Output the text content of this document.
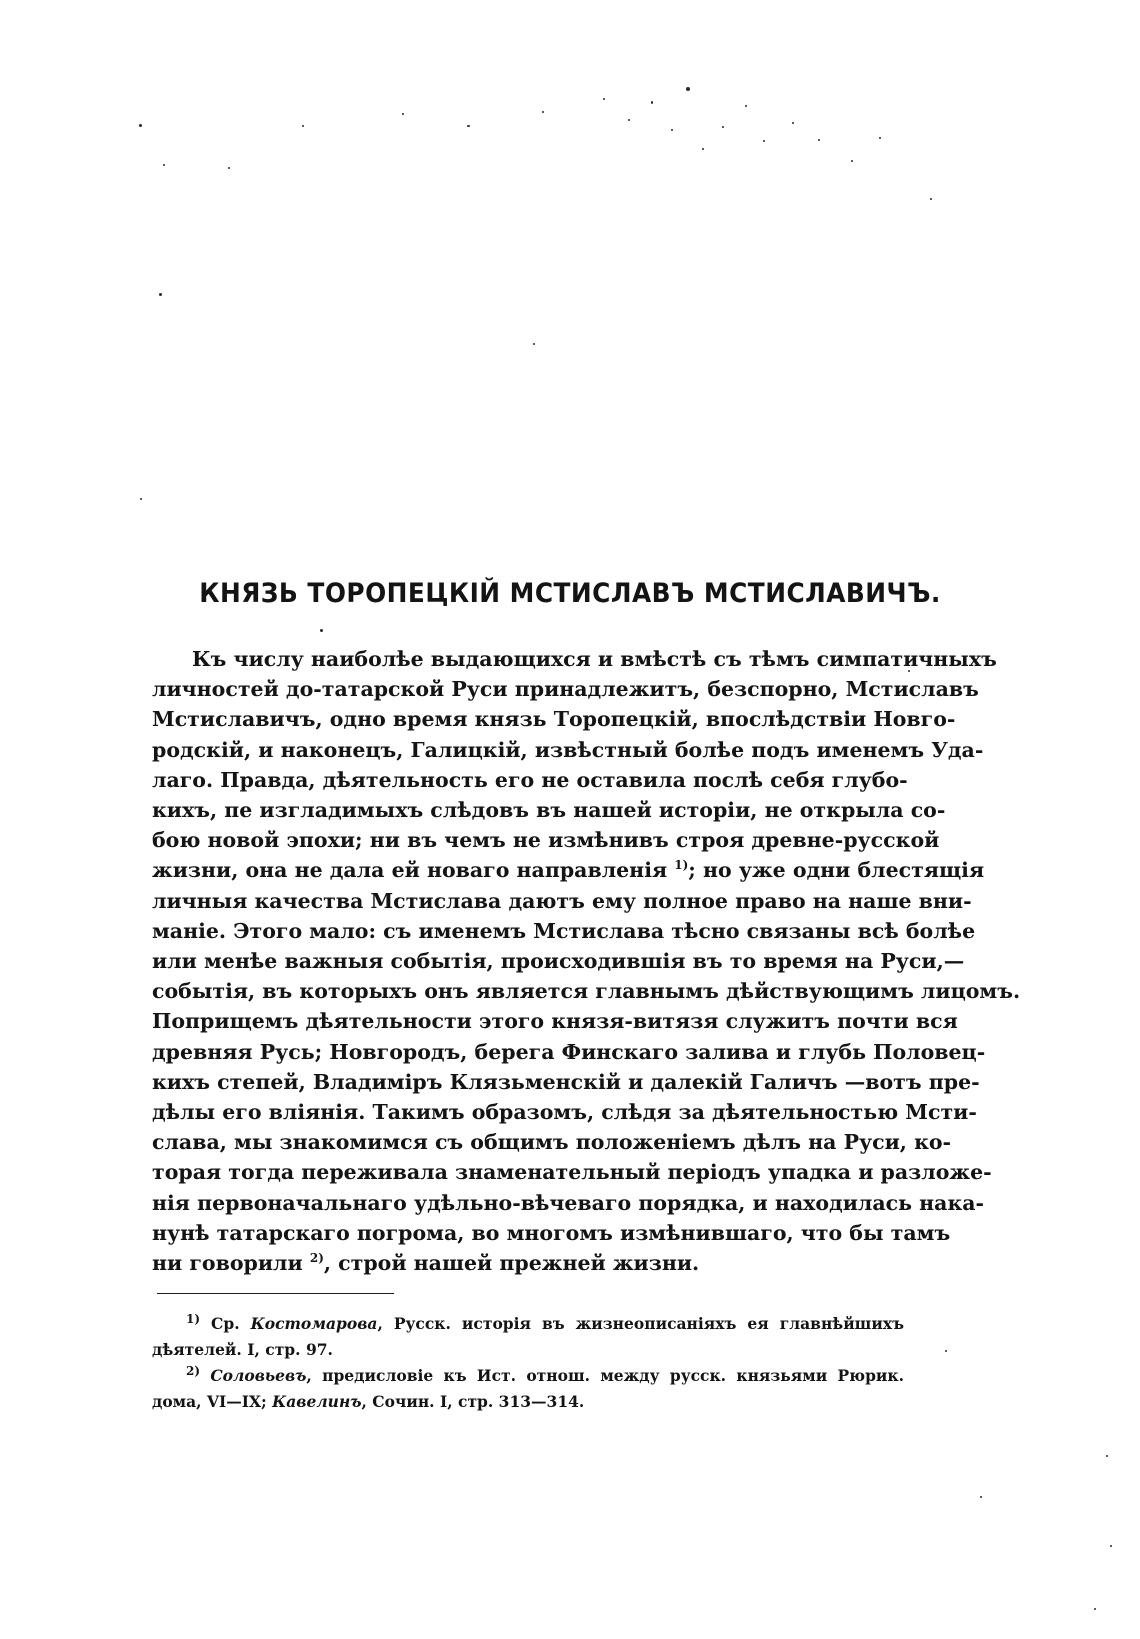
КНЯЗЬ ТОРОПЕЦКІЙ МСТИСЛАВЪ МСТИСЛАВИЧЪ.
Къ числу наиболѣе выдающихся и вмѣстѣ съ тѣмъ симпатичныхъ
личностей до-татарской Руси принадлежитъ, безспорно, Мстиславъ
Мстиславичъ, одно время князь Торопецкій, впослѣдствіи Новго-
родскій, и наконецъ, Галицкій, извѣстный болѣе подъ именемъ Уда-
лаго. Правда, дѣятельность его не оставила послѣ себя глубо-
кихъ, пе изгладимыхъ слѣдовъ въ нашей исторіи, не открыла со-
бою новой эпохи; ни въ чемъ не измѣнивъ строя древне-русской
жизни, она не дала ей новаго направленія $^{1)}$; но уже одни блестящія
личныя качества Мстислава даютъ ему полное право на наше вни-
маніе. Этого мало: съ именемъ Мстислава тѣсно связаны всѣ болѣе
или менѣе важныя событія, происходившія въ то время на Руси,—
событія, въ которыхъ онъ является главнымъ дѣйствующимъ лицомъ.
Поприщемъ дѣятельности этого князя-витязя служитъ почти вся
древняя Русь; Новгородъ, берега Финскаго залива и глубь Половец-
кихъ степей, Владиміръ Клязьменскій и далекій Галичъ —вотъ пре-
дѣлы его вліянія. Такимъ образомъ, слѣдя за дѣятельностью Мсти-
слава, мы знакомимся съ общимъ положеніемъ дѣлъ на Руси, ко-
торая тогда переживала знаменательный періодъ упадка и разложе-
нія первоначальнаго удѣльно-вѣчеваго порядка, и находилась нака-
нунѣ татарскаго погрома, во многомъ измѣнившаго, что бы тамъ
ни говорили $^{2)}$, строй нашей прежней жизни.
$^{1)}$ Ср. Костомарова, Русск. исторія въ жизнеописаніяхъ ея главнѣйшихъ
дѣятелей. I, стр. 97.
$^{2)}$ Соловьевъ, предисловіе къ Ист. отнош. между русск. князьями Рюрик.
дома, VI—IX; Кавелинъ, Сочин. I, стр. 313—314.
